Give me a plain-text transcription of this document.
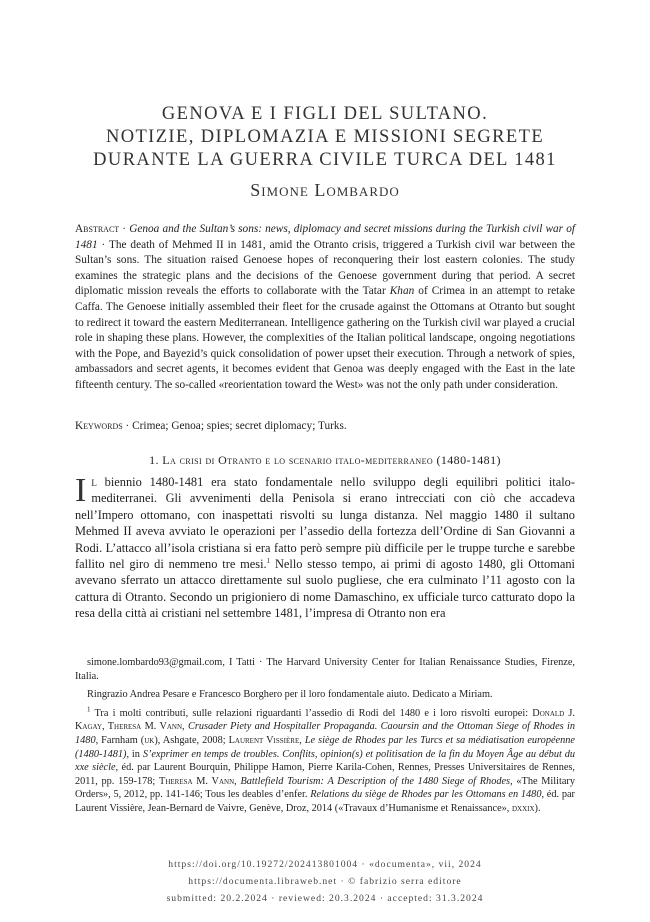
GENOVA E I FIGLI DEL SULTANO.
NOTIZIE, DIPLOMAZIA E MISSIONI SEGRETE
DURANTE LA GUERRA CIVILE TURCA DEL 1481
Simone Lombardo
Abstract · Genoa and the Sultan’s sons: news, diplomacy and secret missions during the Turkish civil war of 1481 · The death of Mehmed II in 1481, amid the Otranto crisis, triggered a Turkish civil war between the Sultan’s sons. The situation raised Genoese hopes of reconquering their lost eastern colonies. The study examines the strategic plans and the decisions of the Genoese government during that period. A secret diplomatic mission reveals the efforts to collaborate with the Tatar Khan of Crimea in an attempt to retake Caffa. The Genoese initially assembled their fleet for the crusade against the Ottomans at Otranto but sought to redirect it toward the eastern Mediterranean. Intelligence gathering on the Turkish civil war played a crucial role in shaping these plans. However, the complexities of the Italian political landscape, ongoing negotiations with the Pope, and Bayezid’s quick consolidation of power upset their execution. Through a network of spies, ambassadors and secret agents, it becomes evident that Genoa was deeply engaged with the East in the late fifteenth century. The so-called «reorientation toward the West» was not the only path under consideration.
Keywords · Crimea; Genoa; spies; secret diplomacy; Turks.
1. La crisi di Otranto e lo scenario italo-mediterraneo (1480-1481)
Il biennio 1480-1481 era stato fondamentale nello sviluppo degli equilibri politici italo-mediterranei. Gli avvenimenti della Penisola si erano intrecciati con ciò che accadeva nell’Impero ottomano, con inaspettati risvolti su lunga distanza. Nel maggio 1480 il sultano Mehmed II aveva avviato le operazioni per l’assedio della fortezza dell’Ordine di San Giovanni a Rodi. L’attacco all’isola cristiana si era fatto però sempre più difficile per le truppe turche e sarebbe fallito nel giro di nemmeno tre mesi.$^1$ Nello stesso tempo, ai primi di agosto 1480, gli Ottomani avevano sferrato un attacco direttamente sul suolo pugliese, che era culminato l’11 agosto con la cattura di Otranto. Secondo un prigioniero di nome Damaschino, ex ufficiale turco catturato dopo la resa della città ai cristiani nel settembre 1481, l’impresa di Otranto non era

simone.lombardo93@gmail.com, I Tatti · The Harvard University Center for Italian Renaissance Studies, Firenze, Italia.

Ringrazio Andrea Pesare e Francesco Borghero per il loro fondamentale aiuto. Dedicato a Miriam.

$^1$ Tra i molti contributi, sulle relazioni riguardanti l’assedio di Rodi del 1480 e i loro risvolti europei: Donald J. Kagay, Theresa M. Vann, Crusader Piety and Hospitaller Propaganda. Caoursin and the Ottoman Siege of Rhodes in 1480, Farnham (uk), Ashgate, 2008; Laurent Vissière, Le siège de Rhodes par les Turcs et sa médiatisation européenne (1480-1481), in S’exprimer en temps de troubles. Conflits, opinion(s) et politisation de la fin du Moyen Âge au début du xxe siècle, éd. par Laurent Bourquin, Philippe Hamon, Pierre Karila-Cohen, Rennes, Presses Universitaires de Rennes, 2011, pp. 159-178; Theresa M. Vann, Battlefield Tourism: A Description of the 1480 Siege of Rhodes, «The Military Orders», 5, 2012, pp. 141-146; Tous les deables d’enfer. Relations du siège de Rhodes par les Ottomans en 1480, éd. par Laurent Vissière, Jean-Bernard de Vaivre, Genève, Droz, 2014 («Travaux d’Humanisme et Renaissance», dxxix).

https://doi.org/10.19272/202413801004 · «documenta», vii, 2024
https://documenta.libraweb.net · © fabrizio serra editore
submitted: 20.2.2024 · reviewed: 20.3.2024 · accepted: 31.3.2024
